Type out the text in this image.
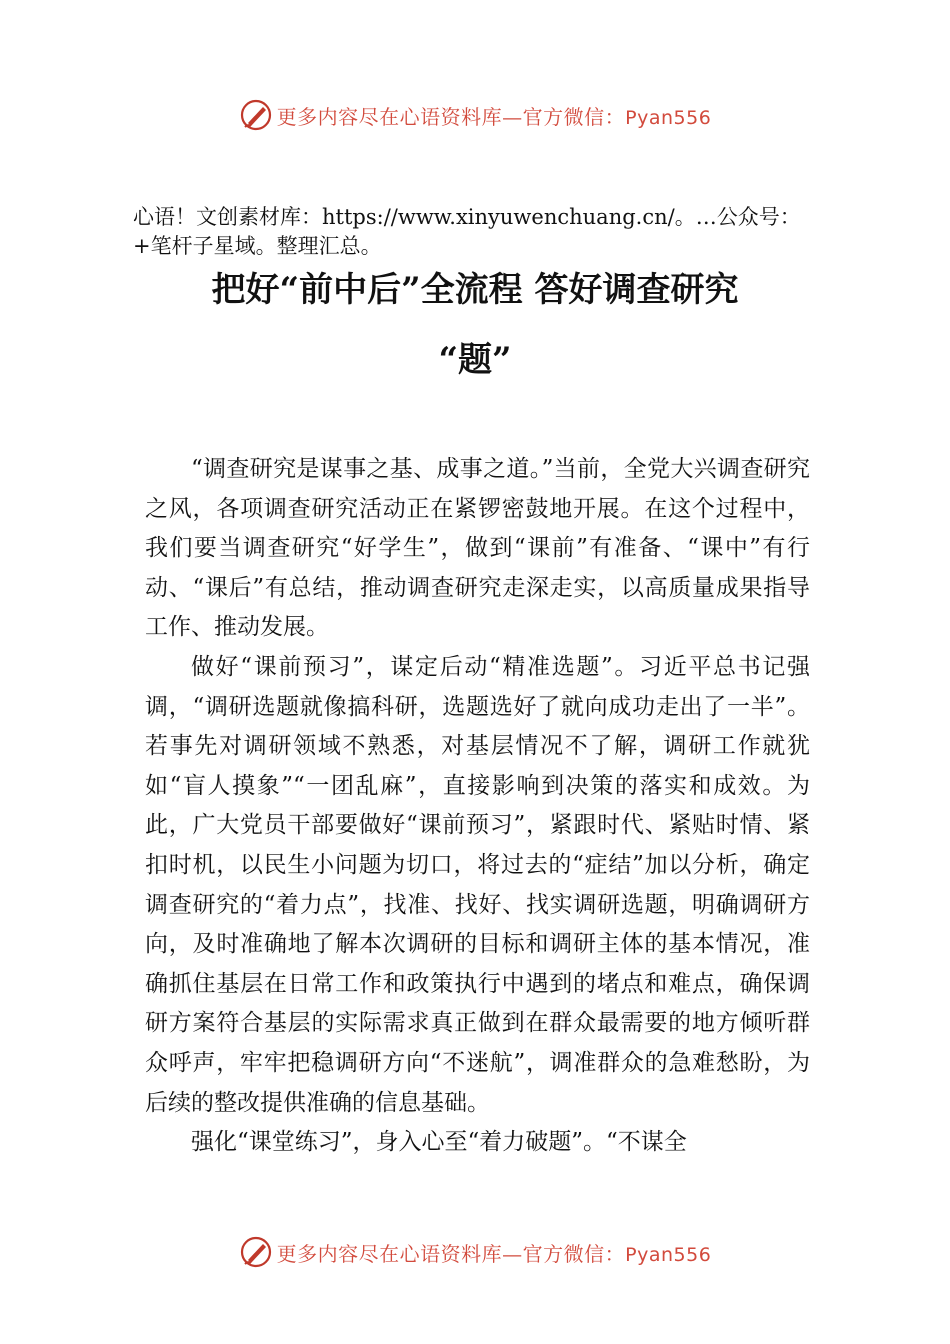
更多内容尽在心语资料库—官方微信：Pyan556
心语！文创素材库：https://www.xinyuwenchuang.cn/。…公众号：+笔杆子星域。整理汇总。
把好“前中后”全流程 答好调查研究
“题”

“调查研究是谋事之基、成事之道。”当前，全党大兴调查研究之风，各项调查研究活动正在紧锣密鼓地开展。在这个过程中，我们要当调查研究“好学生”，做到“课前”有准备、“课中”有行动、“课后”有总结，推动调查研究走深走实，以高质量成果指导工作、推动发展。

做好“课前预习”，谋定后动“精准选题”。习近平总书记强调，“调研选题就像搞科研，选题选好了就向成功走出了一半”。若事先对调研领域不熟悉，对基层情况不了解，调研工作就犹如“盲人摸象”“一团乱麻”，直接影响到决策的落实和成效。为此，广大党员干部要做好“课前预习”，紧跟时代、紧贴时情、紧扣时机，以民生小问题为切口，将过去的“症结”加以分析，确定调查研究的“着力点”，找准、找好、找实调研选题，明确调研方向，及时准确地了解本次调研的目标和调研主体的基本情况，准确抓住基层在日常工作和政策执行中遇到的堵点和难点，确保调研方案符合基层的实际需求真正做到在群众最需要的地方倾听群众呼声，牢牢把稳调研方向“不迷航”，调准群众的急难愁盼，为后续的整改提供准确的信息基础。

强化“课堂练习”，身入心至“着力破题”。“不谋全

更多内容尽在心语资料库—官方微信：Pyan556
